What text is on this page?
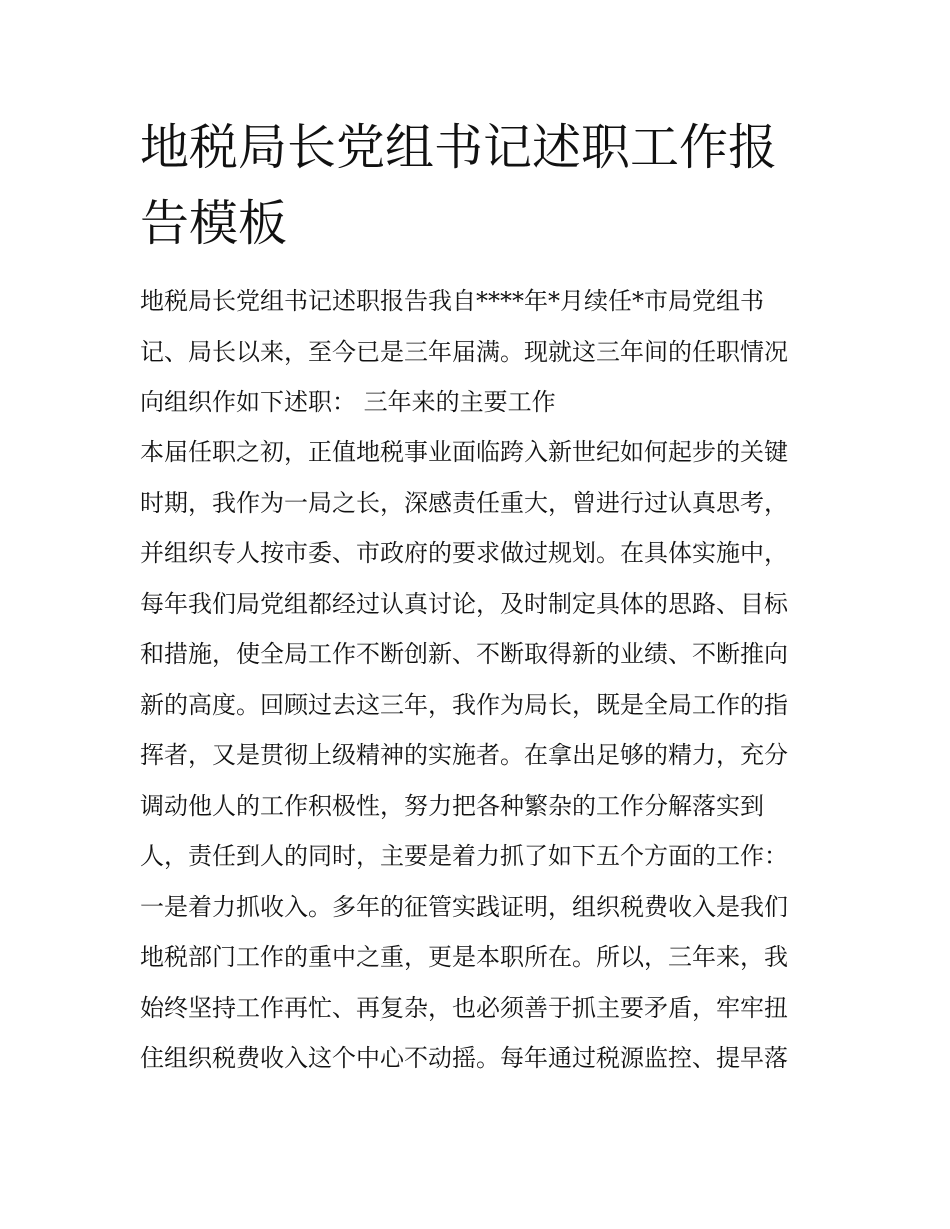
地税局长党组书记述职工作报
告模板
地税局长党组书记述职报告我自****年*月续任*市局党组书
记、局长以来，至今已是三年届满。现就这三年间的任职情况
向组织作如下述职： 三年来的主要工作
本届任职之初，正值地税事业面临跨入新世纪如何起步的关键
时期，我作为一局之长，深感责任重大，曾进行过认真思考，
并组织专人按市委、市政府的要求做过规划。在具体实施中，
每年我们局党组都经过认真讨论，及时制定具体的思路、目标
和措施，使全局工作不断创新、不断取得新的业绩、不断推向
新的高度。回顾过去这三年，我作为局长，既是全局工作的指
挥者，又是贯彻上级精神的实施者。在拿出足够的精力，充分
调动他人的工作积极性，努力把各种繁杂的工作分解落实到
人，责任到人的同时，主要是着力抓了如下五个方面的工作：
一是着力抓收入。多年的征管实践证明，组织税费收入是我们
地税部门工作的重中之重，更是本职所在。所以，三年来，我
始终坚持工作再忙、再复杂，也必须善于抓主要矛盾，牢牢扭
住组织税费收入这个中心不动摇。每年通过税源监控、提早落
